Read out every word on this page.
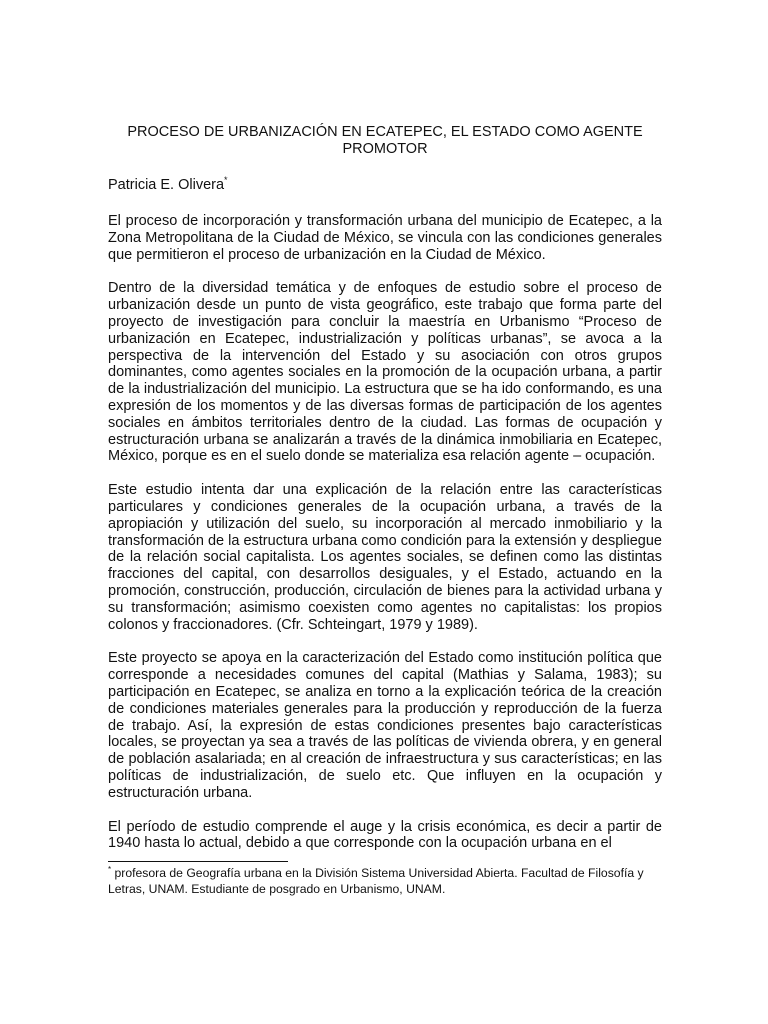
PROCESO DE URBANIZACIÓN EN ECATEPEC, EL ESTADO COMO AGENTE PROMOTOR

Patricia E. Olivera*

El proceso de incorporación y transformación urbana del municipio de Ecatepec, a la Zona Metropolitana de la Ciudad de México, se vincula con las condiciones generales que permitieron el proceso de urbanización en la Ciudad de México.

Dentro de la diversidad temática y de enfoques de estudio sobre el proceso de urbanización desde un punto de vista geográfico, este trabajo que forma parte del proyecto de investigación para concluir la maestría en Urbanismo “Proceso de urbanización en Ecatepec, industrialización y políticas urbanas”, se avoca a la perspectiva de la intervención del Estado y su asociación con otros grupos dominantes, como agentes sociales en la promoción de la ocupación urbana, a partir de la industrialización del municipio. La estructura que se ha ido conformando, es una expresión de los momentos y de las diversas formas de participación de los agentes sociales en ámbitos territoriales dentro de la ciudad. Las formas de ocupación y estructuración urbana se analizarán a través de la dinámica inmobiliaria en Ecatepec, México, porque es en el suelo donde se materializa esa relación agente – ocupación.

Este estudio intenta dar una explicación de la relación entre las características particulares y condiciones generales de la ocupación urbana, a través de la apropiación y utilización del suelo, su incorporación al mercado inmobiliario y la transformación de la estructura urbana como condición para la extensión y despliegue de la relación social capitalista. Los agentes sociales, se definen como las distintas fracciones del capital, con desarrollos desiguales, y el Estado, actuando en la promoción, construcción, producción, circulación de bienes para la actividad urbana y su transformación; asimismo coexisten como agentes no capitalistas: los propios colonos y fraccionadores. (Cfr. Schteingart, 1979 y 1989).

Este proyecto se apoya en la caracterización del Estado como institución política que corresponde a necesidades comunes del capital (Mathias y Salama, 1983); su participación en Ecatepec, se analiza en torno a la explicación teórica de la creación de condiciones materiales generales para la producción y reproducción de la fuerza de trabajo. Así, la expresión de estas condiciones presentes bajo características locales, se proyectan ya sea a través de las políticas de vivienda obrera, y en general de población asalariada; en al creación de infraestructura y sus características; en las políticas de industrialización, de suelo etc. Que influyen en la ocupación y estructuración urbana.

El período de estudio comprende el auge y la crisis económica, es decir a partir de 1940 hasta lo actual, debido a que corresponde con la ocupación urbana en el

* profesora de Geografía urbana en la División Sistema Universidad Abierta. Facultad de Filosofía y Letras, UNAM. Estudiante de posgrado en Urbanismo, UNAM.
